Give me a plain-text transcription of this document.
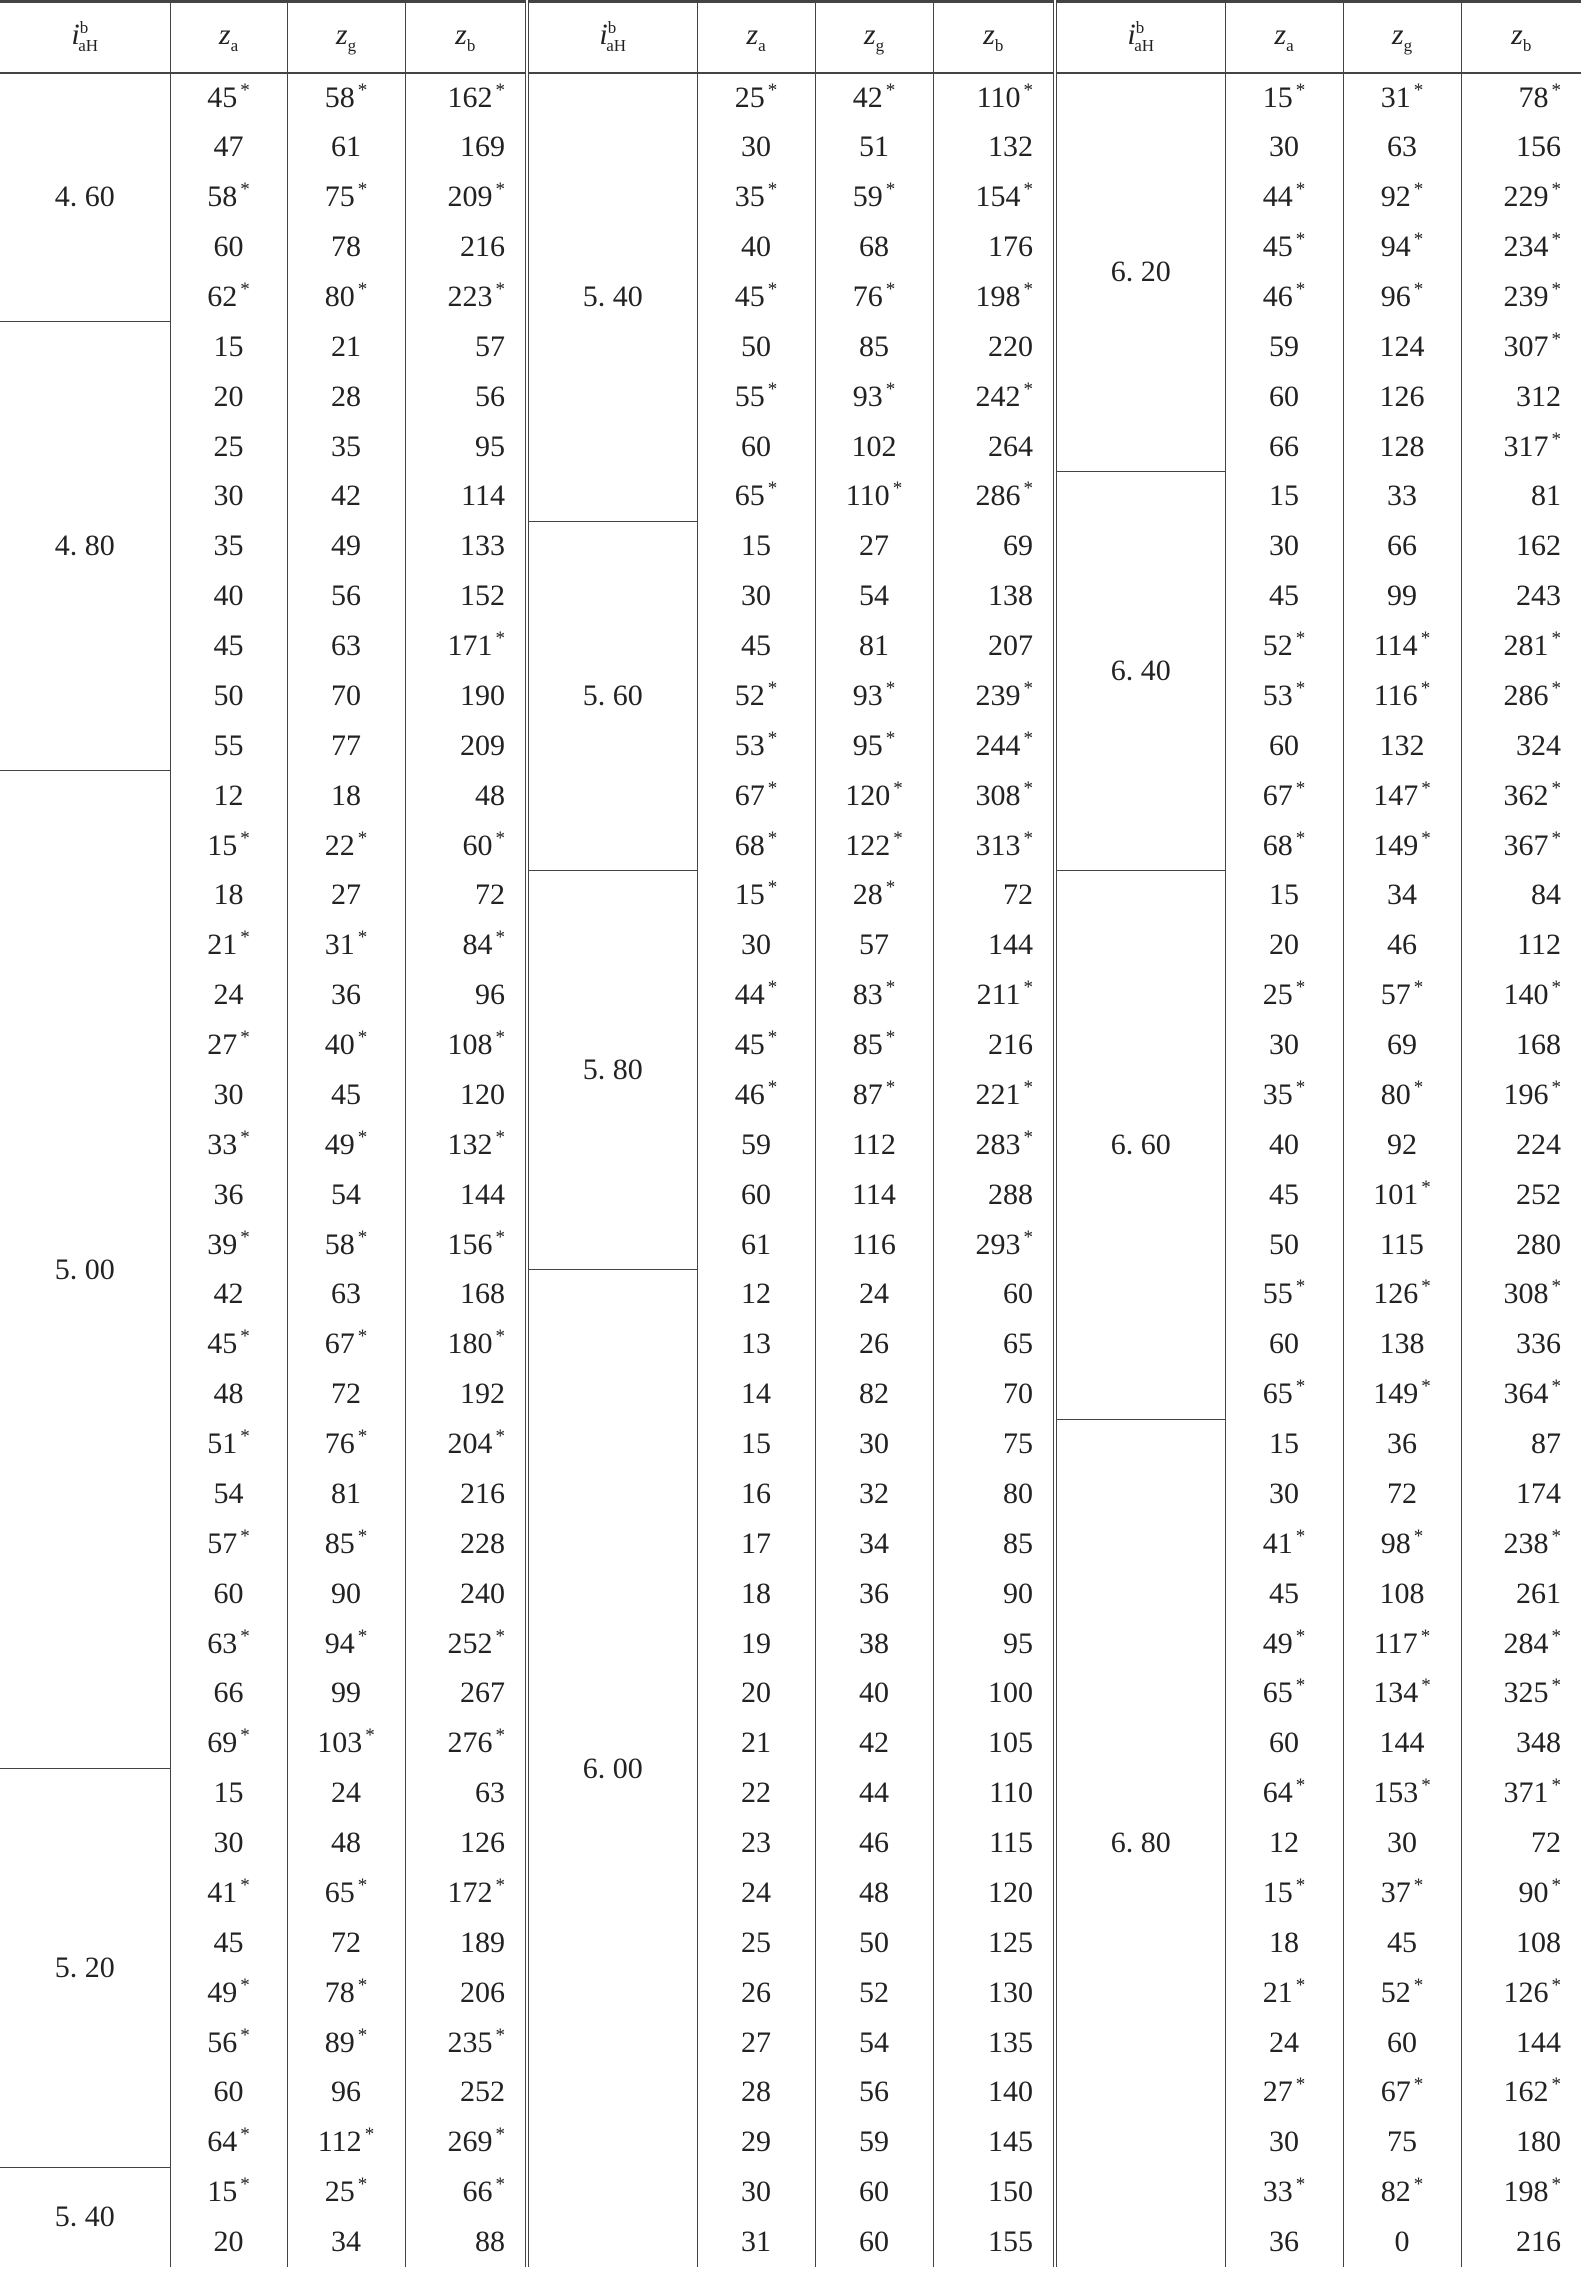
$i^b_{aH}$	$z_a$	$z_g$	$z_b$	$i^b_{aH}$	$z_a$	$z_g$	$z_b$	$i^b_{aH}$	$z_a$	$z_g$	$z_b$
4. 60	45 *	58 *	162 *	5. 40	25 *	42 *	110 *	6. 20	15 *	31 *	78 *
	47	61	169		30	51	132		30	63	156
	58 *	75 *	209 *		35 *	59 *	154 *		44 *	92 *	229 *
	60	78	216		40	68	176		45 *	94 *	234 *
	62 *	80 *	223 *		45 *	76 *	198 *		46 *	96 *	239 *
4. 80	15	21	57		50	85	220		59	124	307 *
	20	28	56		55 *	93 *	242 *		60	126	312
	25	35	95		60	102	264		66	128	317 *
	30	42	114		65 *	110 *	286 *	6. 40	15	33	81
	35	49	133	5. 60	15	27	69		30	66	162
	40	56	152		30	54	138		45	99	243
	45	63	171 *		45	81	207		52 *	114 *	281 *
	50	70	190		52 *	93 *	239 *		53 *	116 *	286 *
	55	77	209		53 *	95 *	244 *		60	132	324
5. 00	12	18	48		67 *	120 *	308 *		67 *	147 *	362 *
	15 *	22 *	60 *		68 *	122 *	313 *		68 *	149 *	367 *
	18	27	72	5. 80	15 *	28 *	72	6. 60	15	34	84
	21 *	31 *	84 *		30	57	144		20	46	112
	24	36	96		44 *	83 *	211 *		25 *	57 *	140 *
	27 *	40 *	108 *		45 *	85 *	216		30	69	168
	30	45	120		46 *	87 *	221 *		35 *	80 *	196 *
	33 *	49 *	132 *		59	112	283 *		40	92	224
	36	54	144		60	114	288		45	101 *	252
	39 *	58 *	156 *		61	116	293 *		50	115	280
	42	63	168	6. 00	12	24	60		55 *	126 *	308 *
	45 *	67 *	180 *		13	26	65		60	138	336
	48	72	192		14	82	70		65 *	149 *	364 *
	51 *	76 *	204 *		15	30	75	6. 80	15	36	87
	54	81	216		16	32	80		30	72	174
	57 *	85 *	228		17	34	85		41 *	98 *	238 *
	60	90	240		18	36	90		45	108	261
	63 *	94 *	252 *		19	38	95		49 *	117 *	284 *
	66	99	267		20	40	100		65 *	134 *	325 *
	69 *	103 *	276 *		21	42	105		60	144	348
5. 20	15	24	63		22	44	110		64 *	153 *	371 *
	30	48	126		23	46	115		12	30	72
	41 *	65 *	172 *		24	48	120		15 *	37 *	90 *
	45	72	189		25	50	125		18	45	108
	49 *	78 *	206		26	52	130		21 *	52 *	126 *
	56 *	89 *	235 *		27	54	135		24	60	144
	60	96	252		28	56	140		27 *	67 *	162 *
	64 *	112 *	269 *		29	59	145		30	75	180
5. 40	15 *	25 *	66 *		30	60	150		33 *	82 *	198 *
	20	34	88		31	60	155		36	0	216
